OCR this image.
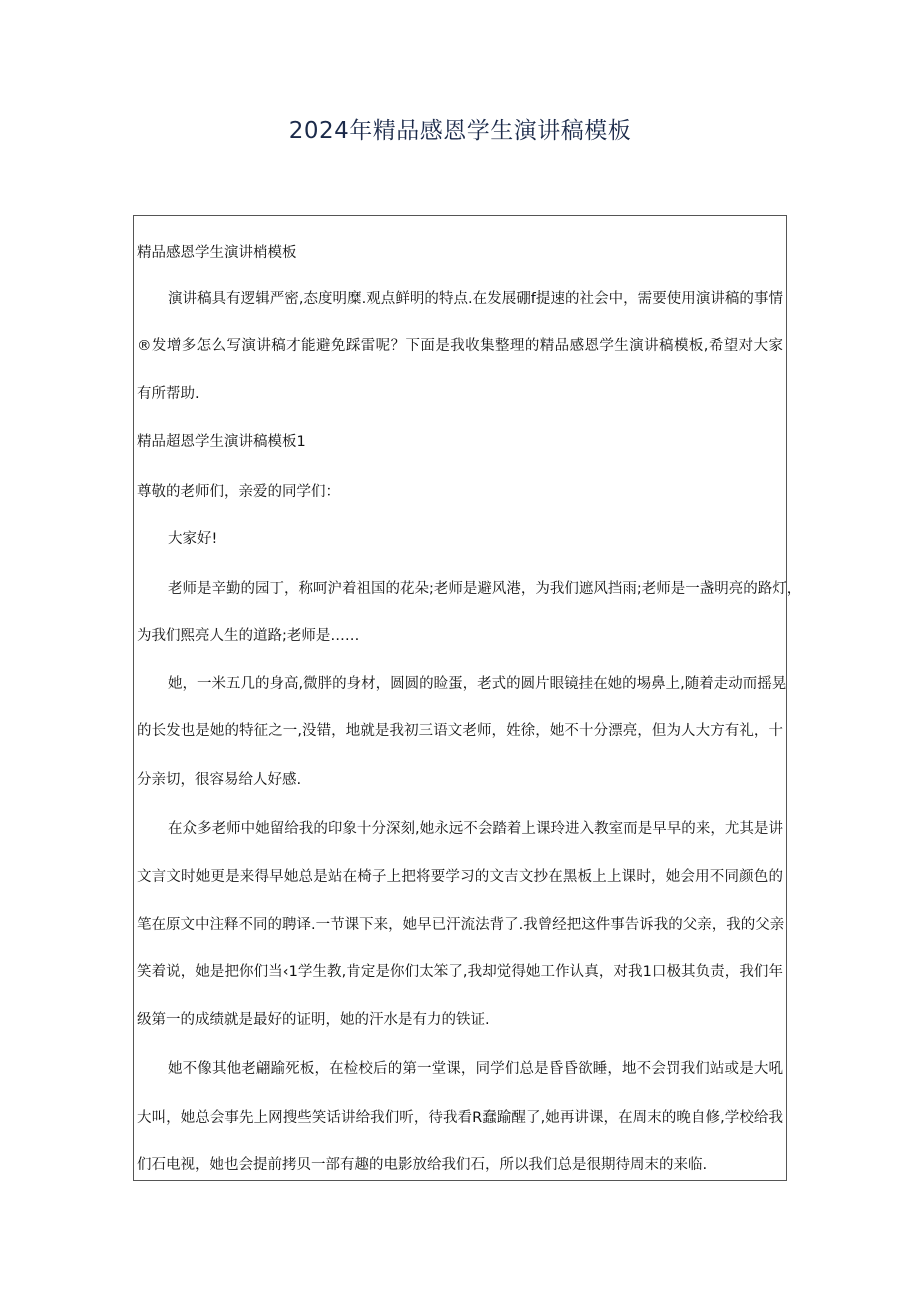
2024年精品感恩学生演讲稿模板
精品感恩学生演讲梢模板
演讲稿具有逻辑严密,态度明糜.观点鲜明的特点.在发展硼f提速的社会中，需要使用演讲稿的事情
®发增多怎么写演讲稿才能避免踩雷呢？下面是我收集整理的精品感恩学生演讲稿模板,希望对大家
有所帮助.
精品超恩学生演讲稿模板1
尊敬的老师们，亲爱的同学们：
大家好!
老师是辛勤的园丁，称呵沪着祖国的花朵;老师是避风港，为我们遮风挡雨;老师是一盏明亮的路灯，
为我们熙亮人生的道路;老师是……
她，一米五几的身高,微胖的身材，圆圆的睑蛋，老式的圆片眼镜挂在她的埸鼻上,随着走动而摇晃
的长发也是她的特征之一,没错，地就是我初三语文老师，姓徐，她不十分漂亮，但为人大方有礼，十
分亲切，很容易给人好感.
在众多老师中她留给我的印象十分深刻,她永远不会踏着上课玲进入教室而是早早的来，尤其是讲
文言文时她更是来得早她总是站在椅子上把将要学习的文吉文抄在黑板上上课时，她会用不同颜色的
笔在原文中注释不同的聘译.一节课下来，她早已汗流法背了.我曾经把这件事告诉我的父亲，我的父亲
笑着说，她是把你们当‹1学生教,肯定是你们太笨了,我却觉得她工作认真，对我1口极其负责，我们年
级第一的成绩就是最好的证明，她的汗水是有力的铁证.
她不像其他老翩踰死板，在检校后的第一堂课，同学们总是昏昏欲睡，地不会罚我们站或是大吼
大叫，她总会事先上网搜些笑话讲给我们听，待我看R蠢踰醒了,她再讲课，在周末的晚自修,学校给我
们石电视，她也会提前拷贝一部有趣的电影放给我们石，所以我们总是很期待周末的来临.
